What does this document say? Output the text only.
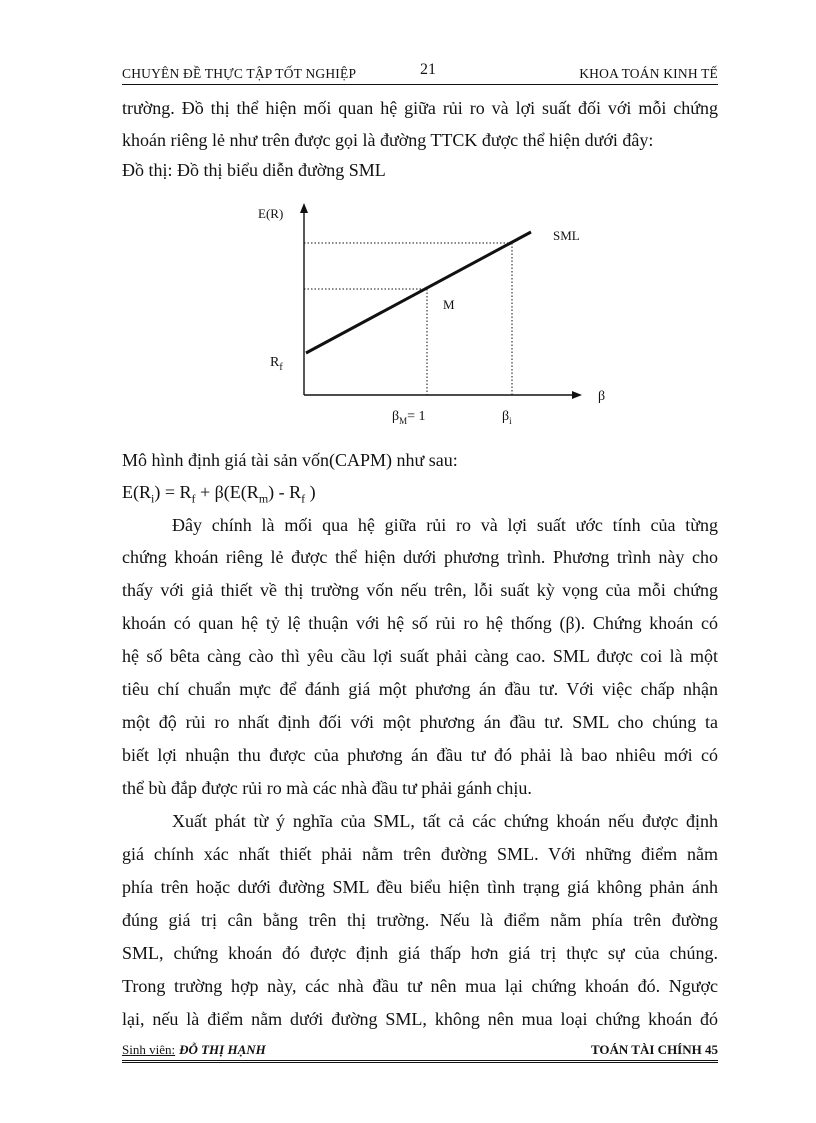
CHUYÊN ĐỀ THỰC TẬP TỐT NGHIỆP	21	KHOA TOÁN KINH TẾ
trường. Đồ thị thể hiện mối quan hệ giữa rủi ro và lợi suất đối với mỗi chứng
khoán riêng lẻ như trên được gọi là đường TTCK được thể hiện dưới đây:
Đồ thị: Đồ thị biểu diễn đường SML
E(R)
SML
M
$R_f$
β
$\beta_M= 1$	$\beta_i$
Mô hình định giá tài sản vốn(CAPM) như sau:
$E(R_i) = R_f + \beta(E(R_m) - R_f$ )
Đây chính là mối qua hệ giữa rủi ro và lợi suất ước tính của từng
chứng khoán riêng lẻ được thể hiện dưới phương trình. Phương trình này cho
thấy với giả thiết về thị trường vốn nếu trên, lỗi suất kỳ vọng của mỗi chứng
khoán có quan hệ tỷ lệ thuận với hệ số rủi ro hệ thống (β). Chứng khoán có
hệ số bêta càng cào thì yêu cầu lợi suất phải càng cao. SML được coi là một
tiêu chí chuẩn mực để đánh giá một phương án đầu tư. Với việc chấp nhận
một độ rủi ro nhất định đối với một phương án đầu tư. SML cho chúng ta
biết lợi nhuận thu được của phương án đầu tư đó phải là bao nhiêu mới có
thể bù đắp được rủi ro mà các nhà đầu tư phải gánh chịu.
Xuất phát từ ý nghĩa của SML, tất cả các chứng khoán nếu được định
giá chính xác nhất thiết phải nằm trên đường SML. Với những điểm nằm
phía trên hoặc dưới đường SML đều biểu hiện tình trạng giá không phản ánh
đúng giá trị cân bằng trên thị trường. Nếu là điểm nằm phía trên đường
SML, chứng khoán đó được định giá thấp hơn giá trị thực sự của chúng.
Trong trường hợp này, các nhà đầu tư nên mua lại chứng khoán đó. Ngược
lại, nếu là điểm nằm dưới đường SML, không nên mua loại chứng khoán đó
Sinh viên: ĐỖ THỊ HẠNH	TOÁN TÀI CHÍNH 45
